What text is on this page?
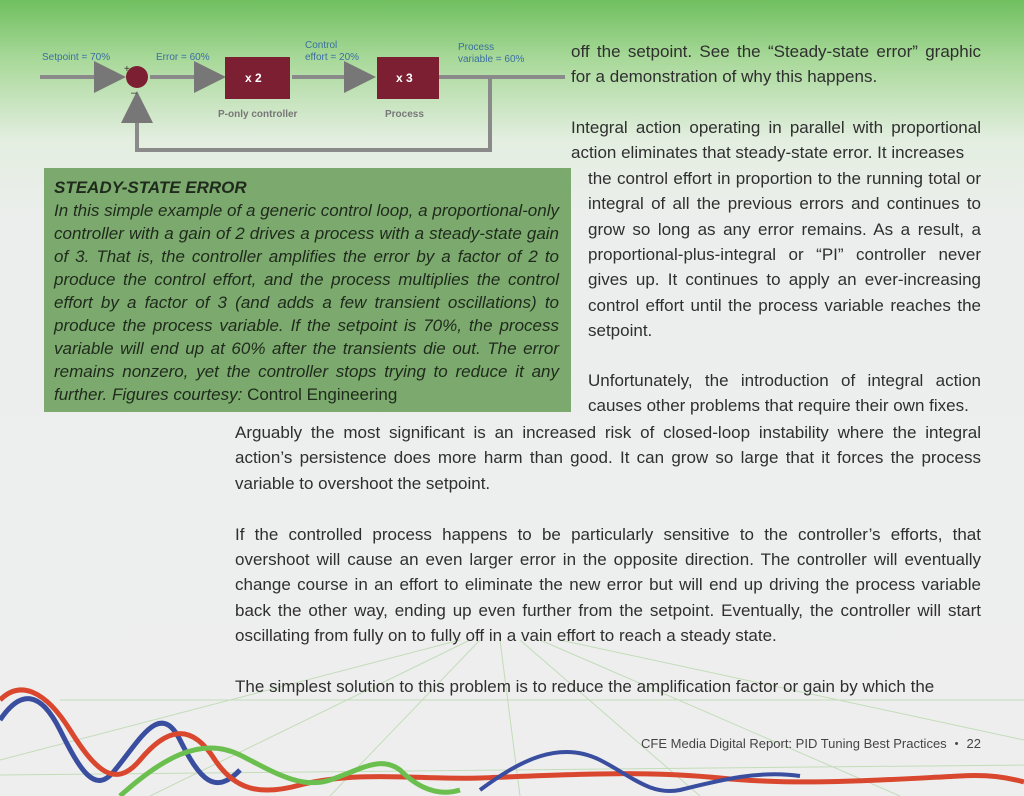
+
–
x 2	x 3
Setpoint = 70%	Error = 60%
Control
effort = 20%
Process
variable = 60%
P-only controller	Process
STEADY-STATE ERROR
In this simple example of a generic control loop, a proportional-only controller with a gain of 2 drives a process with a steady-state gain of 3. That is, the controller amplifies the error by a factor of 2 to produce the control effort, and the process multiplies the control effort by a factor of 3 (and adds a few transient oscillations) to produce the process variable. If the setpoint is 70%, the process variable will end up at 60% after the transients die out. The error remains nonzero, yet the controller stops trying to reduce it any further. Figures courtesy: Control Engineering

off the setpoint. See the “Steady-state error” graphic for a demonstration of why this happens.

Integral action operating in parallel with proportional action eliminates that steady-state error. It increases

the control effort in proportion to the running total or integral of all the previous errors and continues to grow so long as any error remains. As a result, a proportional-plus-integral or “PI” controller never gives up. It continues to apply an ever-increasing control effort until the process variable reaches the setpoint.

Unfortunately, the introduction of integral action causes other problems that require their own fixes.

Arguably the most significant is an increased risk of closed-loop instability where the integral action’s persistence does more harm than good. It can grow so large that it forces the process variable to overshoot the setpoint.

If the controlled process happens to be particularly sensitive to the controller’s efforts, that overshoot will cause an even larger error in the opposite direction. The controller will eventually change course in an effort to eliminate the new error but will end up driving the process variable back the other way, ending up even further from the setpoint. Eventually, the controller will start oscillating from fully on to fully off in a vain effort to reach a steady state.

The simplest solution to this problem is to reduce the amplification factor or gain by which the

CFE Media Digital Report: PID Tuning Best Practices • 22
